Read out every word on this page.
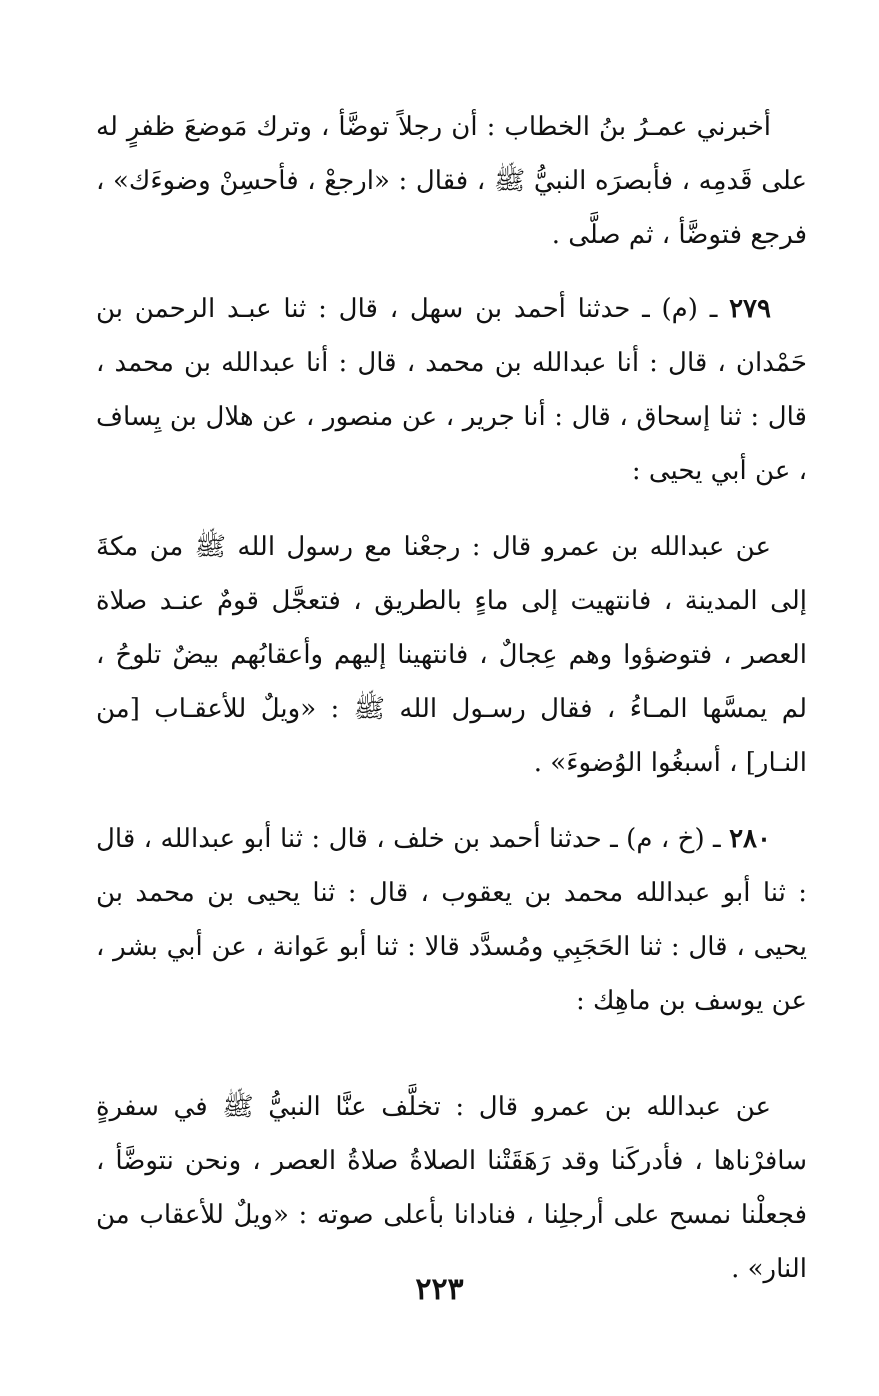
أخبرني عمـرُ بنُ الخطاب : أن رجلاً توضَّأ ، وترك مَوضعَ ظفرٍ له على قَدمِه ، فأبصرَه النبيُّ ﷺ ، فقال : «ارجعْ ، فأحسِنْ وضوءَك» ، فرجع فتوضَّأ ، ثم صلَّى .

٢٧٩ ـ (م) ـ حدثنا أحمد بن سهل ، قال : ثنا عبـد الرحمن بن حَمْدان ، قال : أنا عبدالله بن محمد ، قال : أنا عبدالله بن محمد ، قال : ثنا إسحاق ، قال : أنا جرير ، عن منصور ، عن هلال بن يِساف ، عن أبي يحيى :

عن عبدالله بن عمرو قال : رجعْنا مع رسول الله ﷺ من مكةَ إلى المدينة ، فانتهيت إلى ماءٍ بالطريق ، فتعجَّل قومٌ عنـد صلاة العصر ، فتوضؤوا وهم عِجالٌ ، فانتهينا إليهم وأعقابُهم بيضٌ تلوحُ ، لم يمسَّها المـاءُ ، فقال رسـول الله ﷺ : «ويلٌ للأعقـاب [من النـار] ، أسبغُوا الوُضوءَ» .

٢٨٠ ـ (خ ، م) ـ حدثنا أحمد بن خلف ، قال : ثنا أبو عبدالله ، قال : ثنا أبو عبدالله محمد بن يعقوب ، قال : ثنا يحيى بن محمد بن يحيى ، قال : ثنا الحَجَبِي ومُسدَّد قالا : ثنا أبو عَوانة ، عن أبي بشر ، عن يوسف بن ماهِك :

عن عبدالله بن عمرو قال : تخلَّف عنَّا النبيُّ ﷺ في سفرةٍ سافرْناها ، فأدركَنا وقد رَهَقَتْنا الصلاةُ صلاةُ العصر ، ونحن نتوضَّأ ، فجعلْنا نمسح على أرجلِنا ، فنادانا بأعلى صوته : «ويلٌ للأعقاب من النار» .

٢٢٣
